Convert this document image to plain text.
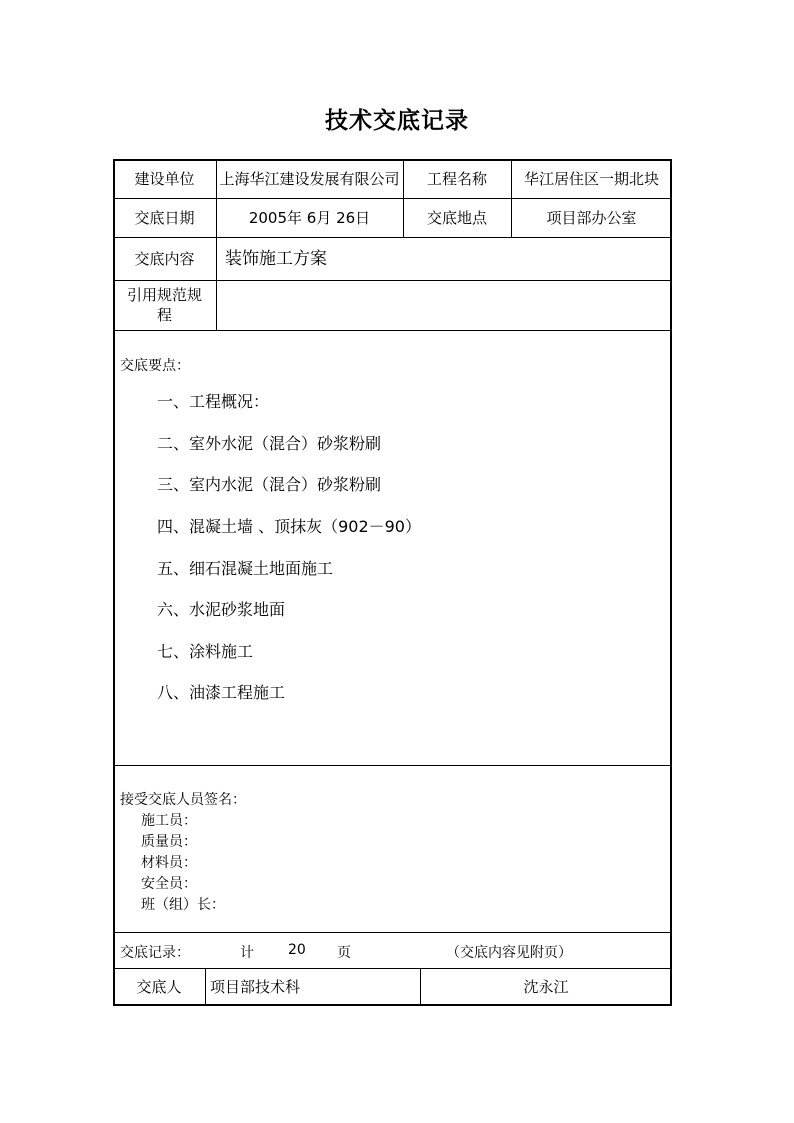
技术交底记录
建设单位	上海华江建设发展有限公司	工程名称	华江居住区一期北块
交底日期	2005年 6月 26日	交底地点	项目部办公室
交底内容	装饰施工方案
引用规范规
程
交底要点：
一、工程概况：
二、室外水泥（混合）砂浆粉刷
三、室内水泥（混合）砂浆粉刷
四、混凝土墙 、顶抹灰（902－90）
五、细石混凝土地面施工
六、水泥砂浆地面
七、涂料施工
八、油漆工程施工
接受交底人员签名：
施工员：
质量员：
材料员：
安全员：
班（组）长：
交底记录：	计 20 页	（交底内容见附页）
交底人	项目部技术科	沈永江
